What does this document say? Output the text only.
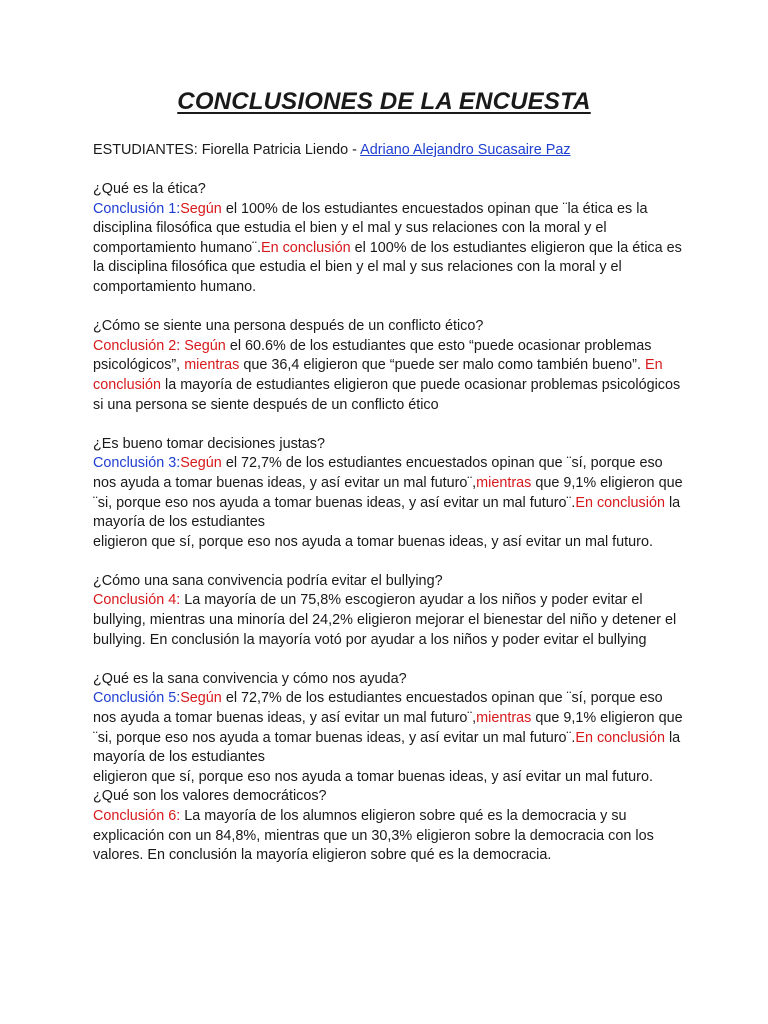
CONCLUSIONES DE LA ENCUESTA
ESTUDIANTES: Fiorella Patricia Liendo - Adriano Alejandro Sucasaire Paz

¿Qué es la ética?

Conclusión 1:Según el 100% de los estudiantes encuestados opinan que ¨la ética es la disciplina filosófica que estudia el bien y el mal y sus relaciones con la moral y el comportamiento humano¨.En conclusión el 100% de los estudiantes eligieron que la ética es la disciplina filosófica que estudia el bien y el mal y sus relaciones con la moral y el comportamiento humano.

¿Cómo se siente una persona después de un conflicto ético?

Conclusión 2: Según el 60.6% de los estudiantes que esto “puede ocasionar problemas psicológicos”, mientras que 36,4 eligieron que “puede ser malo como también bueno”. En conclusión la mayoría de estudiantes eligieron que puede ocasionar problemas psicológicos si una persona se siente después de un conflicto ético

¿Es bueno tomar decisiones justas?

Conclusión 3:Según el 72,7% de los estudiantes encuestados opinan que ¨sí, porque eso nos ayuda a tomar buenas ideas, y así evitar un mal futuro¨,mientras que 9,1% eligieron que ¨si, porque eso nos ayuda a tomar buenas ideas, y así evitar un mal futuro¨.En conclusión la mayoría de los estudiantes

eligieron que sí, porque eso nos ayuda a tomar buenas ideas, y así evitar un mal futuro.

¿Cómo una sana convivencia podría evitar el bullying?

Conclusión 4: La mayoría de un 75,8% escogieron ayudar a los niños y poder evitar el bullying, mientras una minoría del 24,2% eligieron mejorar el bienestar del niño y detener el bullying. En conclusión la mayoría votó por ayudar a los niños y poder evitar el bullying

¿Qué es la sana convivencia y cómo nos ayuda?

Conclusión 5:Según el 72,7% de los estudiantes encuestados opinan que ¨sí, porque eso nos ayuda a tomar buenas ideas, y así evitar un mal futuro¨,mientras que 9,1% eligieron que ¨si, porque eso nos ayuda a tomar buenas ideas, y así evitar un mal futuro¨.En conclusión la mayoría de los estudiantes

eligieron que sí, porque eso nos ayuda a tomar buenas ideas, y así evitar un mal futuro.

¿Qué son los valores democráticos?

Conclusión 6: La mayoría de los alumnos eligieron sobre qué es la democracia y su explicación con un 84,8%, mientras que un 30,3% eligieron sobre la democracia con los valores. En conclusión la mayoría eligieron sobre qué es la democracia.
